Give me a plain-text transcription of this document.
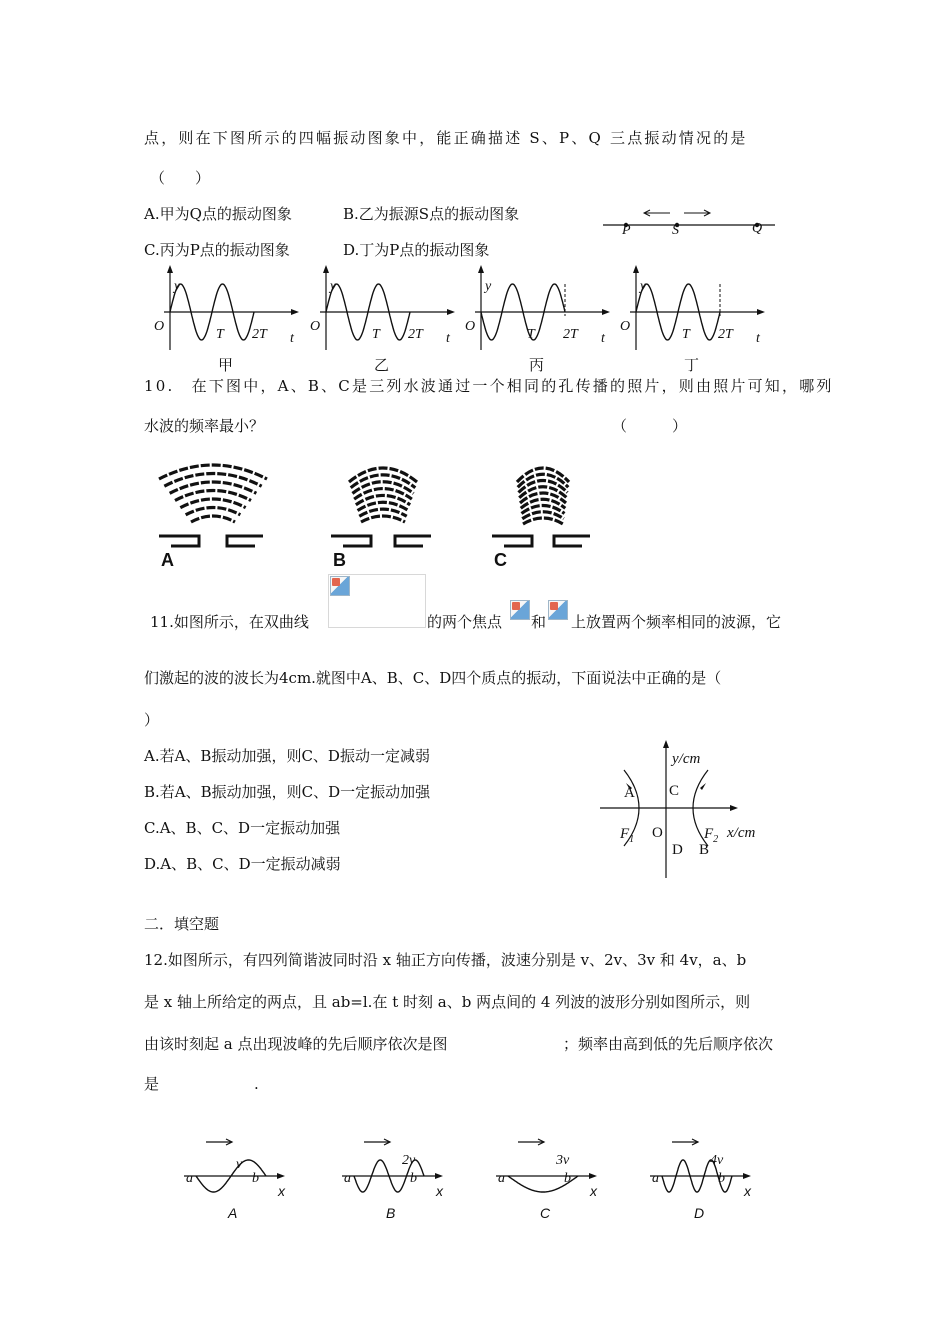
点，则在下图所示的四幅振动图象中，能正确描述 S、P、Q 三点振动情况的是
（　　）
A.甲为Q点的振动图象	B.乙为振源S点的振动图象
C.丙为P点的振动图象	D.丁为P点的振动图象
P	S	Q
y
O
T 2T t
甲
y
O
T 2T t
乙
y
O
T 2T t
丙
y
O
T 2T t
丁
10.　在下图中，A、B、C是三列水波通过一个相同的孔传播的照片，则由照片可知，哪列
水波的频率最小？	（　　　）
A	B	C
11.如图所示，在双曲线	的两个焦点 和 上放置两个频率相同的波源，它
们激起的波的波长为4cm.就图中A、B、C、D四个质点的振动，下面说法中正确的是（
）
A.若A、B振动加强，则C、D振动一定减弱
B.若A、B振动加强，则C、D一定振动加强
C.A、B、C、D一定振动加强
D.A、B、C、D一定振动减弱
y/cm
x/cm
A C
O
D B
$F_1$	$F_2$
二．填空题
12.如图所示，有四列简谐波同时沿 x 轴正方向传播，波速分别是 v、2v、3v 和 4v，a、b
是 x 轴上所给定的两点，且 ab=l.在 t 时刻 a、b 两点间的 4 列波的波形分别如图所示，则
由该时刻起 a 点出现波峰的先后顺序依次是图	；频率由高到低的先后顺序依次
是	.
v
a	b
x
A
2v
a	b
x
B
3v
a	b
x
C
4v
a	b
x
D
